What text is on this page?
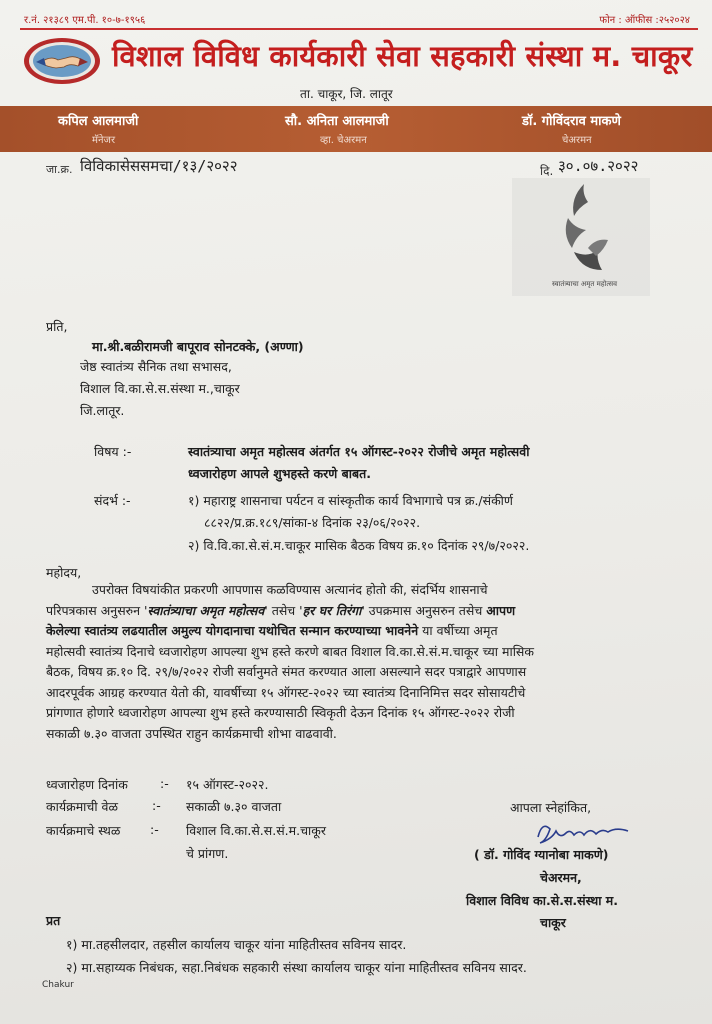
र.नं. २१३८९ एम.पी. १०-७-१९५६	फोन : ऑफीस :२५२०२४
विशाल विविध कार्यकारी सेवा सहकारी संस्था म. चाकूर
ता. चाकूर, जि. लातूर
कपिल आलमाजी
मॅनेजर
सौ. अनिता आलमाजी
व्हा. चेअरमन
डॉ. गोविंदराव माकणे
चेअरमन
जा.क्र. विविकासेससमचा/१३/२०२२	दि. ३०.०७.२०२२
स्वातंत्र्याचा अमृत महोत्सव
प्रति,
मा.श्री.बळीरामजी बापूराव सोनटक्के, (अण्णा)
जेष्ठ स्वातंत्र्य सैनिक तथा सभासद,
विशाल वि.का.से.स.संस्था म.,चाकूर
जि.लातूर.
विषय :-	स्वातंत्र्याचा अमृत महोत्सव अंतर्गत १५ ऑगस्ट-२०२२ रोजीचे अमृत महोत्सवी
ध्वजारोहण आपले शुभहस्ते करणे बाबत.
संदर्भ :-	१) महाराष्ट्र शासनाचा पर्यटन व सांस्कृतीक कार्य विभागाचे पत्र क्र./संकीर्ण
८८२२/प्र.क्र.१८९/सांका-४ दिनांक २३/०६/२०२२.
२) वि.वि.का.से.सं.म.चाकूर मासिक बैठक विषय क्र.१० दिनांक २९/७/२०२२.
महोदय,
उपरोक्त विषयांकीत प्रकरणी आपणास कळविण्यास अत्यानंद होतो की, संदर्भिय शासनाचे
परिपत्रकास अनुसरुन 'स्वातंत्र्याचा अमृत महोत्सव' तसेच 'हर घर तिरंगा' उपक्रमास अनुसरुन तसेच आपण
केलेल्या स्वातंत्र्य लढयातील अमुल्य योगदानाचा यथोचित सन्मान करण्याच्या भावनेने या वर्षीच्या अमृत
महोत्सवी स्वातंत्र्य दिनाचे ध्वजारोहण आपल्या शुभ हस्ते करणे बाबत विशाल वि.का.से.सं.म.चाकूर च्या मासिक
बैठक, विषय क्र.१० दि. २९/७/२०२२ रोजी सर्वानुमते संमत करण्यात आला असल्याने सदर पत्राद्वारे आपणास
आदरपूर्वक आग्रह करण्यात येतो की, यावर्षीच्या १५ ऑगस्ट-२०२२ च्या स्वातंत्र्य दिनानिमित्त सदर सोसायटीचे
प्रांगणात होणारे ध्वजारोहण आपल्या शुभ हस्ते करण्यासाठी स्विकृती देऊन दिनांक १५ ऑगस्ट-२०२२ रोजी
सकाळी ७.३० वाजता उपस्थित राहुन कार्यक्रमाची शोभा वाढवावी.
ध्वजारोहण दिनांक	:- १५ ऑगस्ट-२०२२.
कार्यक्रमाची वेळ	:- सकाळी ७.३० वाजता
कार्यक्रमाचे स्थळ :- विशाल वि.का.से.स.सं.म.चाकूर
चे प्रांगण.
आपला स्नेहांकित,
( डॉ. गोविंद ग्यानोबा माकणे)
चेअरमन,
विशाल विविध का.से.स.संस्था म.
चाकूर
प्रत
१) मा.तहसीलदार, तहसील कार्यालय चाकूर यांना माहितीस्तव सविनय सादर.
२) मा.सहाय्यक निबंधक, सहा.निबंधक सहकारी संस्था कार्यालय चाकूर यांना माहितीस्तव सविनय सादर.
Chakur
